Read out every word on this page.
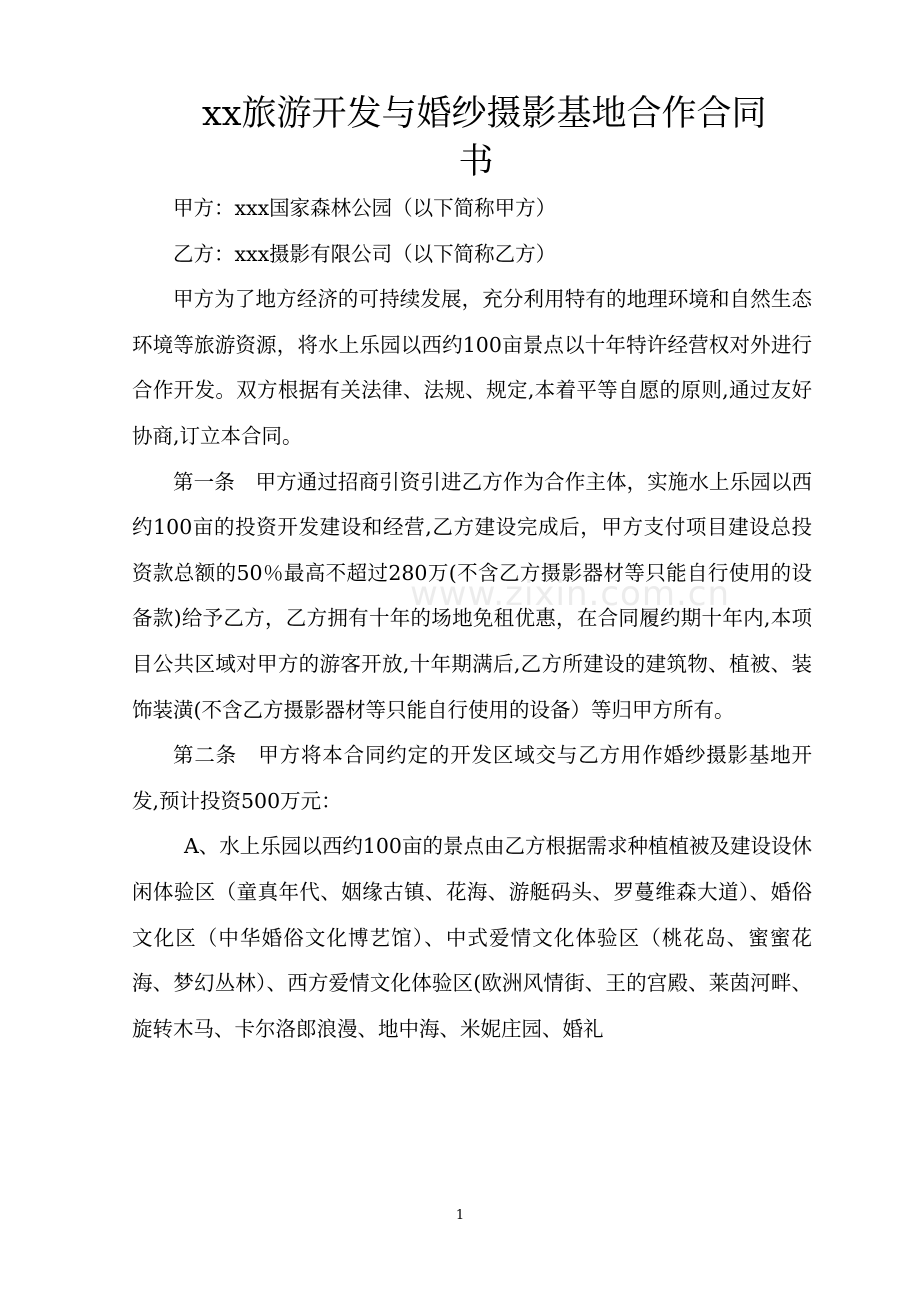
xx旅游开发与婚纱摄影基地合作合同
书

甲方：xxx国家森林公园（以下简称甲方）

乙方：xxx摄影有限公司（以下简称乙方）

甲方为了地方经济的可持续发展，充分利用特有的地理环境和自然生态环境等旅游资源，将水上乐园以西约100亩景点以十年特许经营权对外进行合作开发。双方根据有关法律、法规、规定,本着平等自愿的原则,通过友好协商,订立本合同。

第一条　甲方通过招商引资引进乙方作为合作主体，实施水上乐园以西约100亩的投资开发建设和经营,乙方建设完成后，甲方支付项目建设总投资款总额的50％最高不超过280万(不含乙方摄影器材等只能自行使用的设备款)给予乙方，乙方拥有十年的场地免租优惠，在合同履约期十年内,本项目公共区域对甲方的游客开放,十年期满后,乙方所建设的建筑物、植被、装饰装潢(不含乙方摄影器材等只能自行使用的设备）等归甲方所有。

第二条　甲方将本合同约定的开发区域交与乙方用作婚纱摄影基地开发,预计投资500万元：

A、水上乐园以西约100亩的景点由乙方根据需求种植植被及建设设休闲体验区（童真年代、姻缘古镇、花海、游艇码头、罗蔓维森大道）、婚俗文化区（中华婚俗文化博艺馆）、中式爱情文化体验区（桃花岛、蜜蜜花海、梦幻丛林）、西方爱情文化体验区(欧洲风情街、王的宫殿、莱茵河畔、旋转木马、卡尔洛郎浪漫、地中海、米妮庄园、婚礼

www.zixin.com.cn
1
